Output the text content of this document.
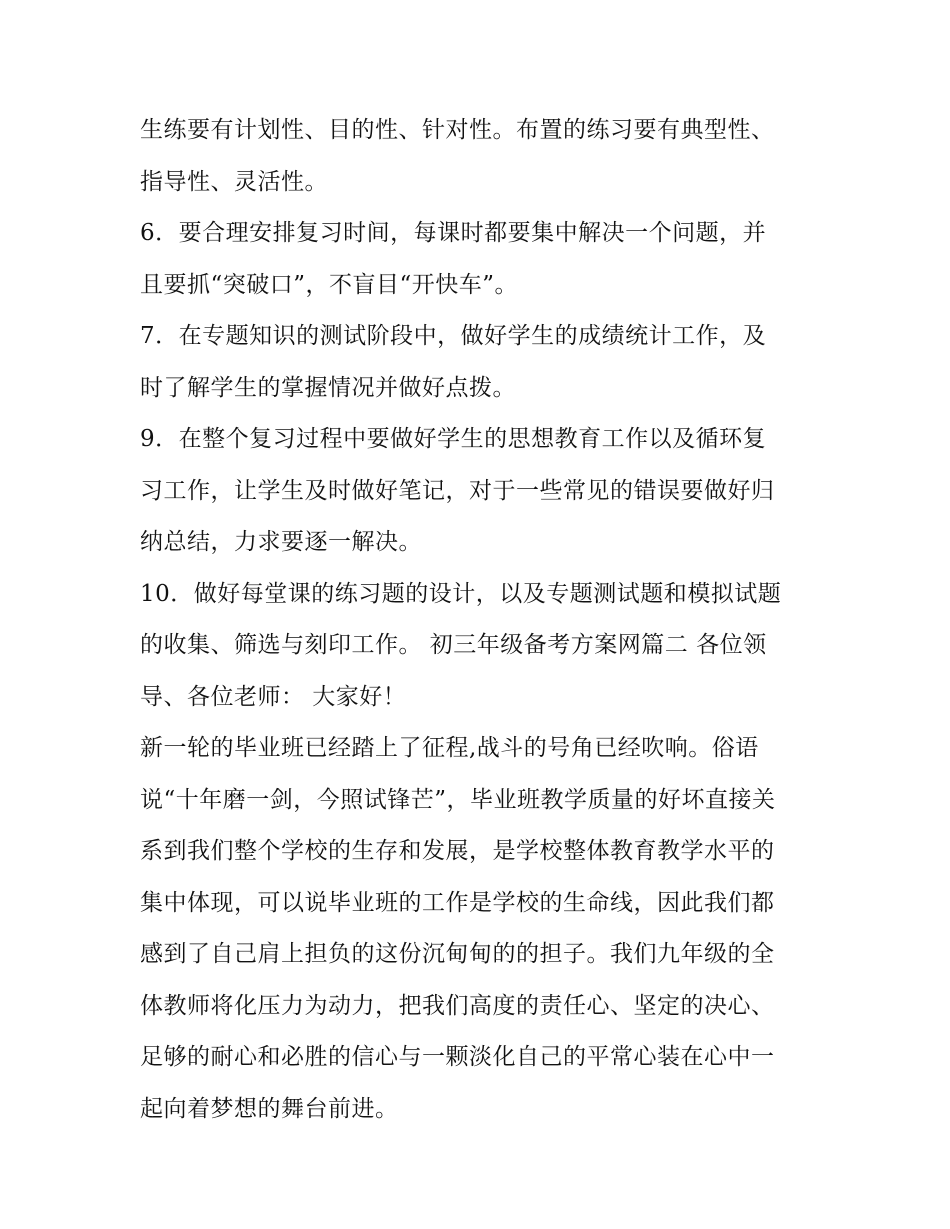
生练要有计划性、目的性、针对性。布置的练习要有典型性、
指导性、灵活性。
6．要合理安排复习时间，每课时都要集中解决一个问题，并
且要抓“突破口”，不盲目“开快车”。
7．在专题知识的测试阶段中，做好学生的成绩统计工作，及
时了解学生的掌握情况并做好点拨。
9．在整个复习过程中要做好学生的思想教育工作以及循环复
习工作，让学生及时做好笔记，对于一些常见的错误要做好归
纳总结，力求要逐一解决。
10．做好每堂课的练习题的设计，以及专题测试题和模拟试题
的收集、筛选与刻印工作。 初三年级备考方案网篇二 各位领
导、各位老师： 大家好！
新一轮的毕业班已经踏上了征程,战斗的号角已经吹响。俗语
说“十年磨一剑，今照试锋芒”，毕业班教学质量的好坏直接关
系到我们整个学校的生存和发展，是学校整体教育教学水平的
集中体现，可以说毕业班的工作是学校的生命线，因此我们都
感到了自己肩上担负的这份沉甸甸的的担子。我们九年级的全
体教师将化压力为动力，把我们高度的责任心、坚定的决心、
足够的耐心和必胜的信心与一颗淡化自己的平常心装在心中一
起向着梦想的舞台前进。
